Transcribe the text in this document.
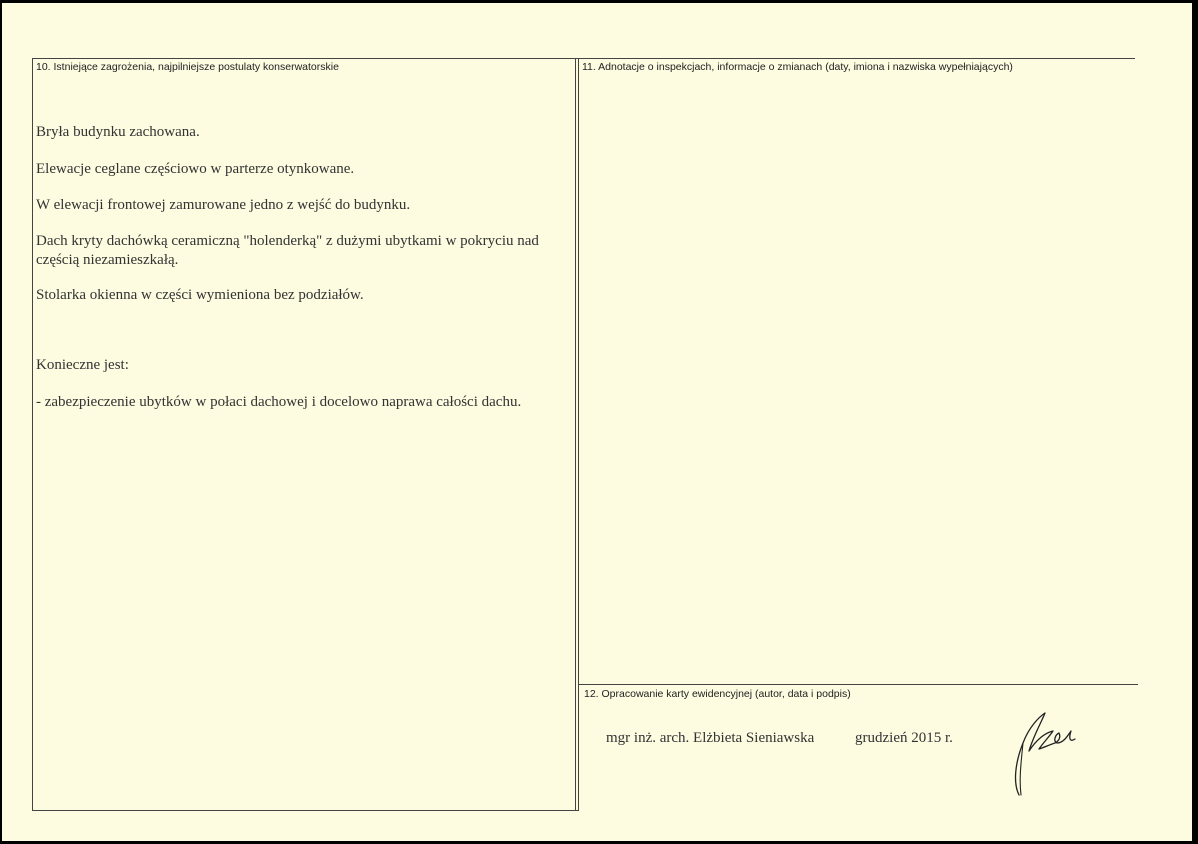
10. Istniejące zagrożenia, najpilniejsze postulaty konserwatorskie
Bryła budynku zachowana.
Elewacje ceglane częściowo w parterze otynkowane.
W elewacji frontowej zamurowane jedno z wejść do budynku.
Dach kryty dachówką ceramiczną "holenderką" z dużymi ubytkami w pokryciu nad częścią niezamieszkałą.
Stolarka okienna w części wymieniona bez podziałów.
Konieczne jest:
- zabezpieczenie ubytków w połaci dachowej i docelowo naprawa całości dachu.
11. Adnotacje o inspekcjach, informacje o zmianach (daty, imiona i nazwiska wypełniających)
12. Opracowanie karty ewidencyjnej (autor, data i podpis)
mgr inż. arch. Elżbieta Sieniawska	grudzień 2015 r.
